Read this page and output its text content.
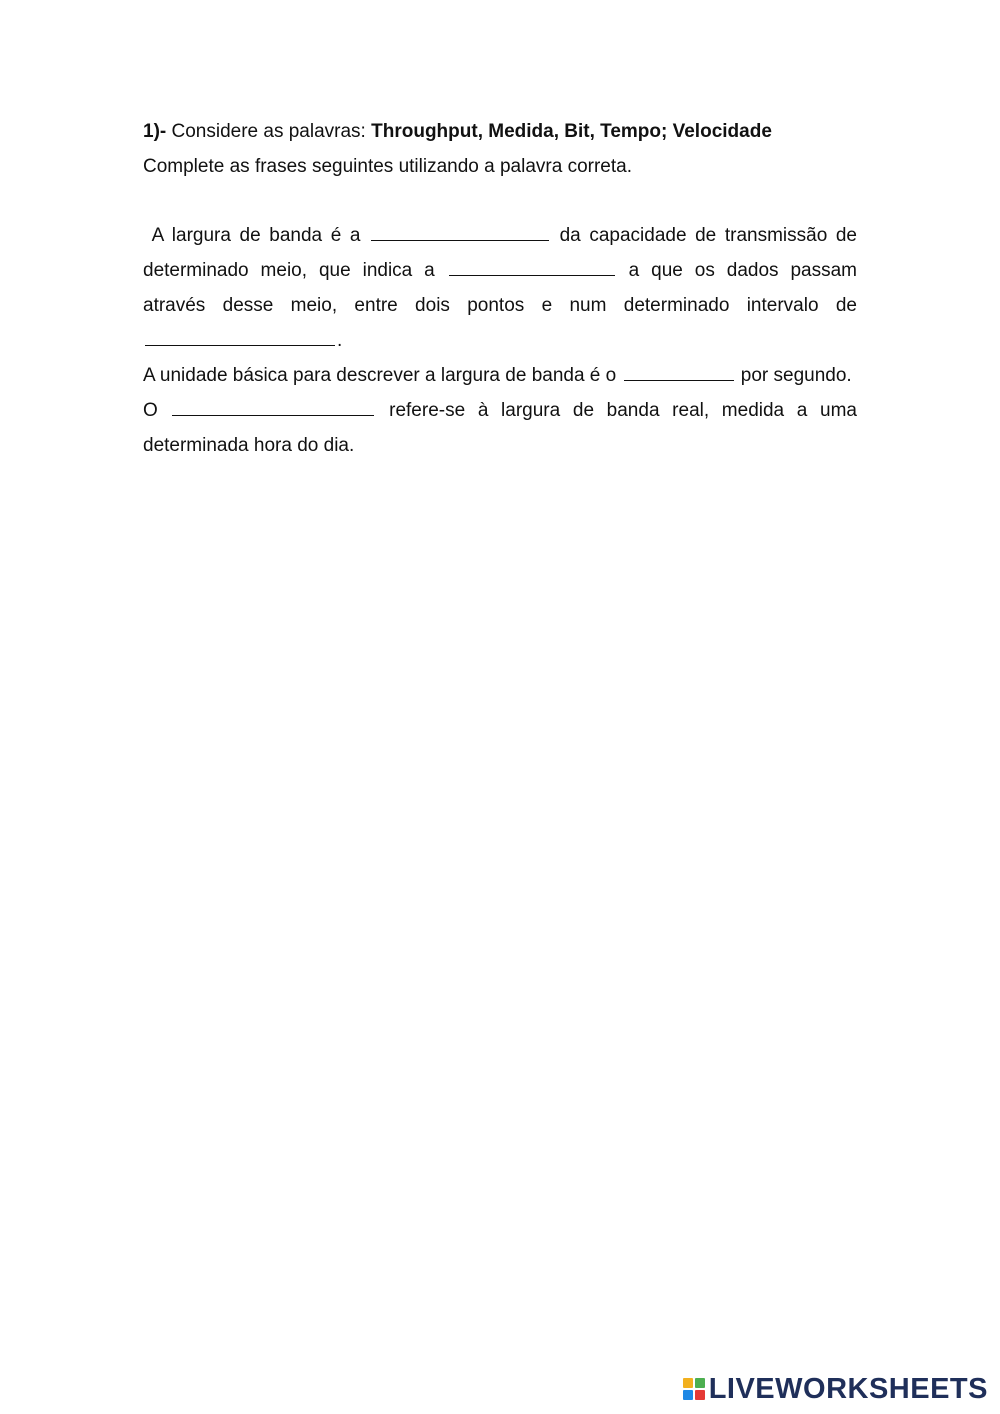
1)- Considere as palavras: Throughput, Medida, Bit, Tempo; Velocidade
Complete as frases seguintes utilizando a palavra correta.
A largura de banda é a	da capacidade de transmissão de determinado meio, que indica a	a que os dados passam através desse meio, entre dois pontos e num determinado intervalo de .
A unidade básica para descrever a largura de banda é o	por segundo.
O	refere-se à largura de banda real, medida a uma determinada hora do dia.
LIVEWORKSHEETS
